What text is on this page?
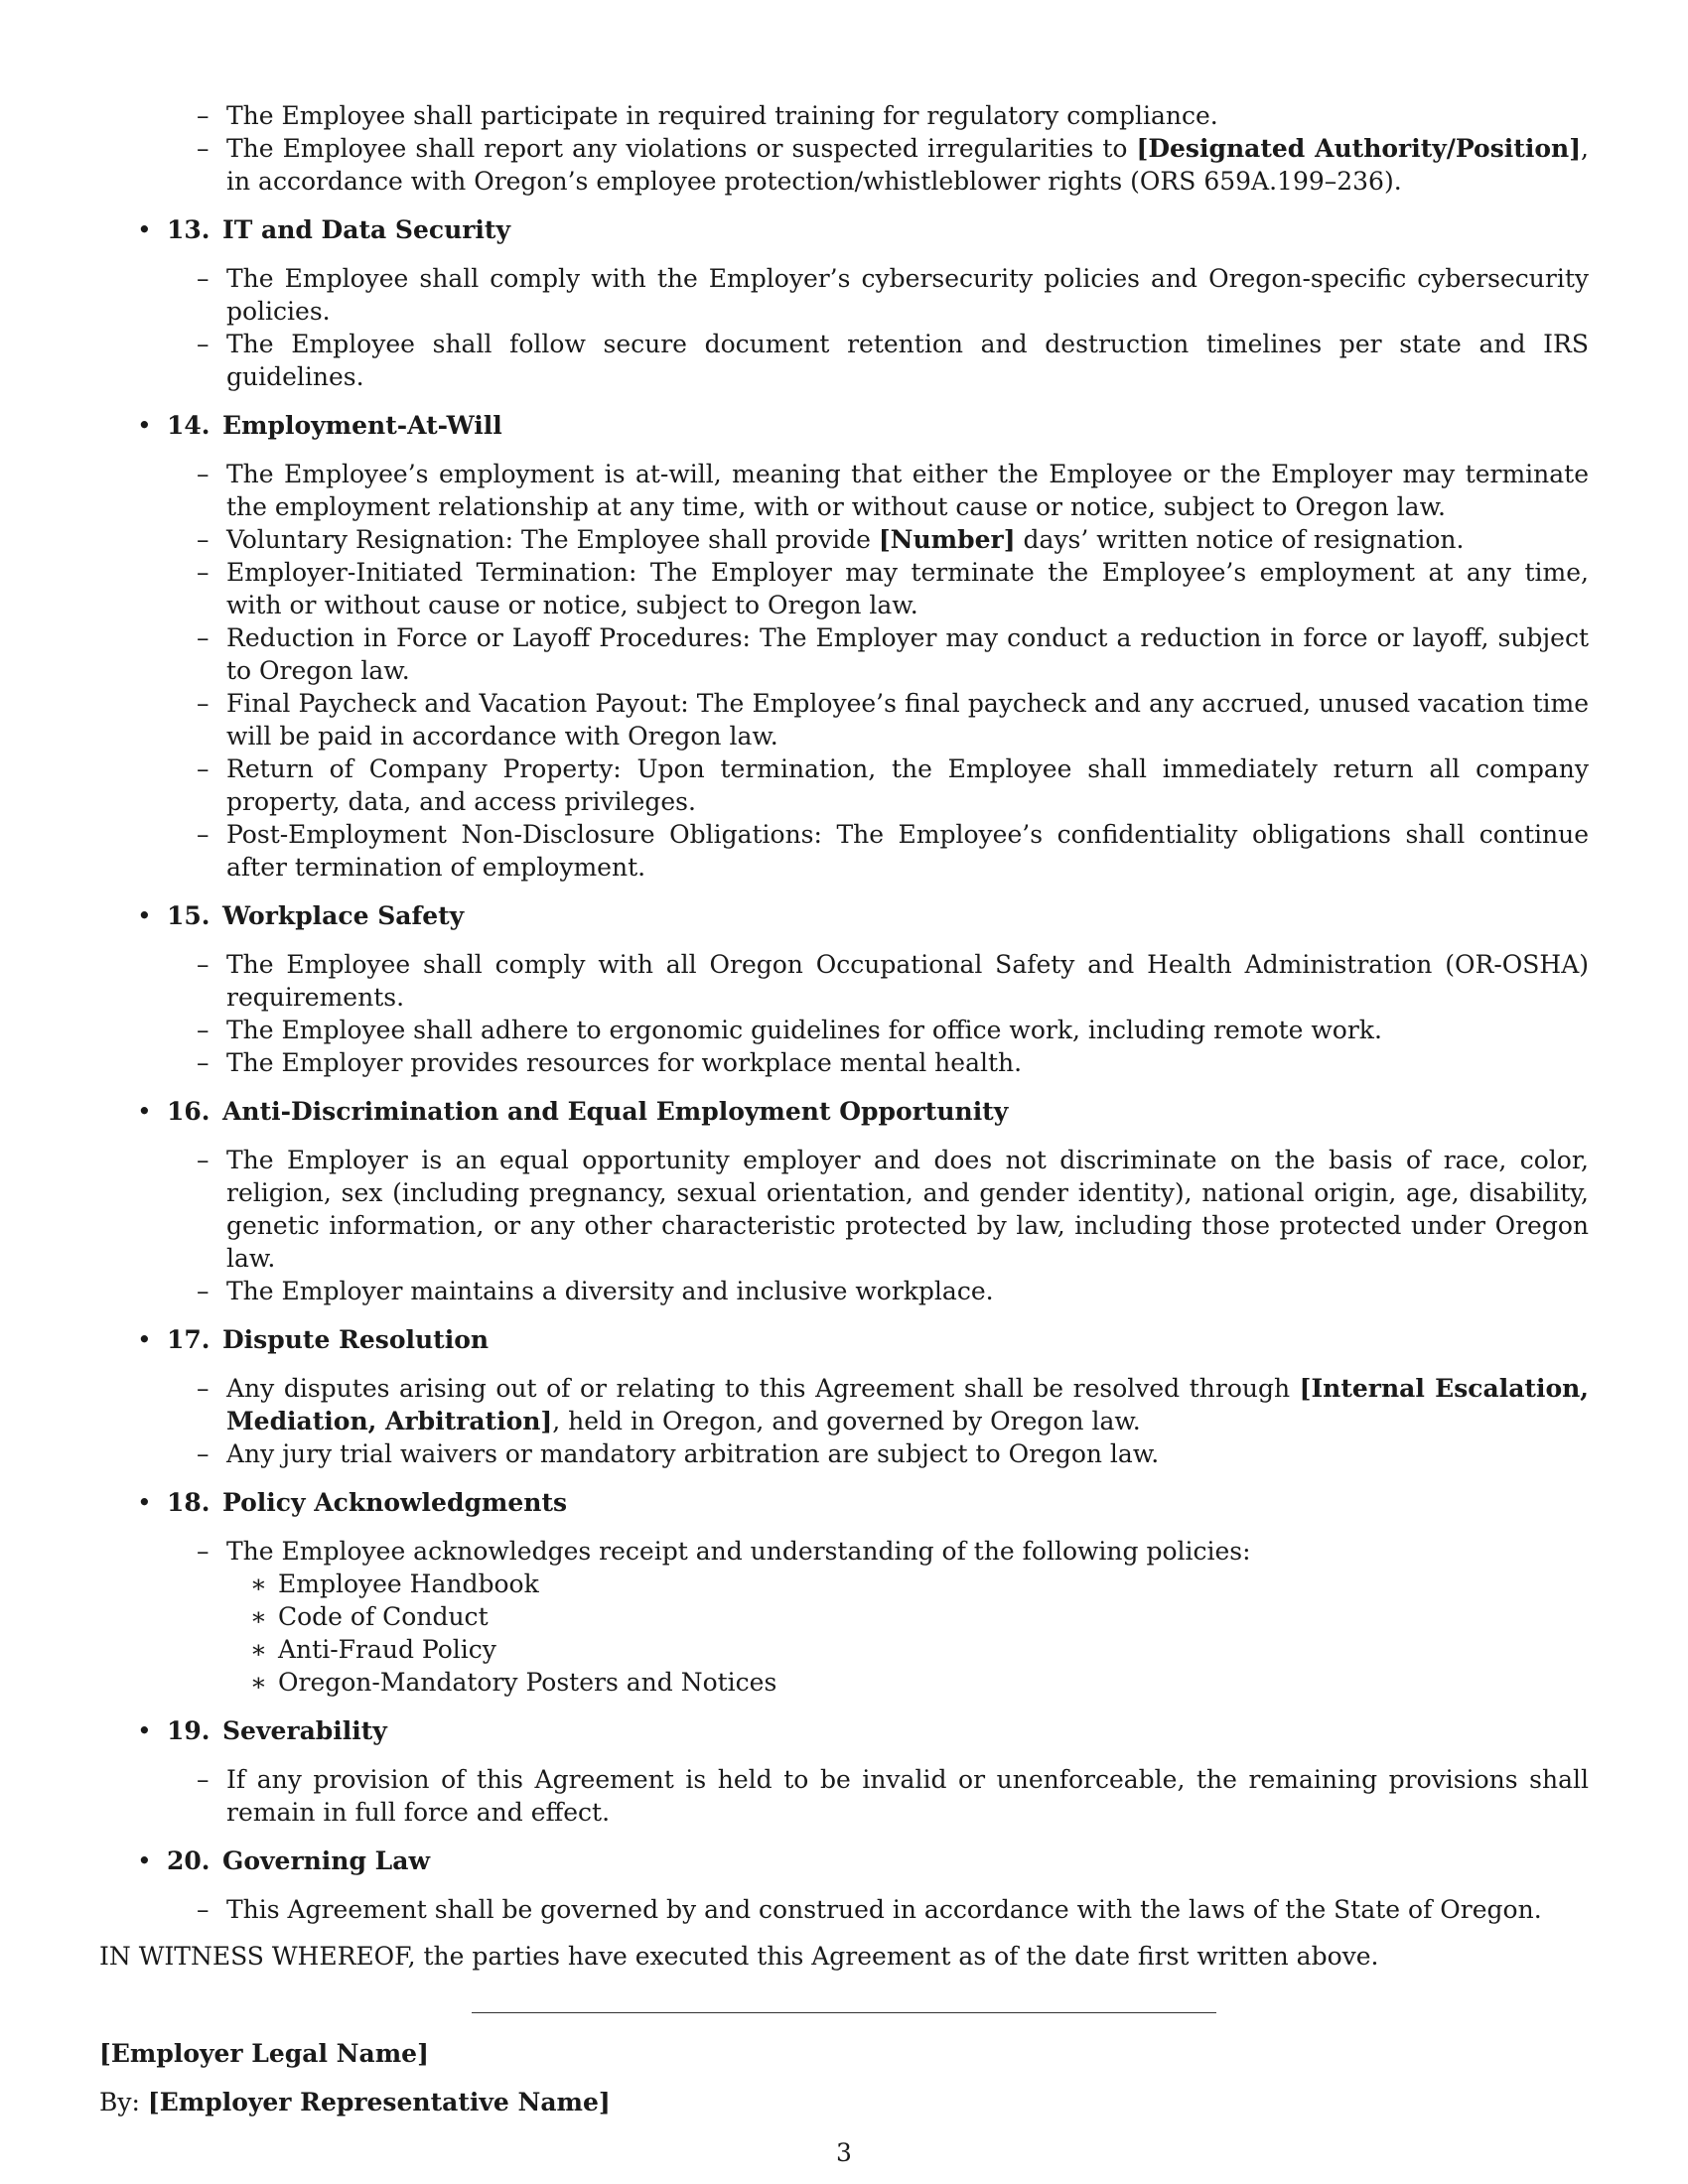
– The Employee shall participate in required training for regulatory compliance.
– The Employee shall report any violations or suspected irregularities to [Designated Authority/Position], in accordance with Oregon’s employee protection/whistleblower rights (ORS 659A.199–236).
• 13. IT and Data Security
– The Employee shall comply with the Employer’s cybersecurity policies and Oregon-specific cybersecurity policies.
– The Employee shall follow secure document retention and destruction timelines per state and IRS guidelines.
• 14. Employment-At-Will
– The Employee’s employment is at-will, meaning that either the Employee or the Employer may terminate the employment relationship at any time, with or without cause or notice, subject to Oregon law.
– Voluntary Resignation: The Employee shall provide [Number] days’ written notice of resignation.
– Employer-Initiated Termination: The Employer may terminate the Employee’s employment at any time, with or without cause or notice, subject to Oregon law.
– Reduction in Force or Layoff Procedures: The Employer may conduct a reduction in force or layoff, subject to Oregon law.
– Final Paycheck and Vacation Payout: The Employee’s final paycheck and any accrued, unused vacation time will be paid in accordance with Oregon law.
– Return of Company Property: Upon termination, the Employee shall immediately return all company property, data, and access privileges.
– Post-Employment Non-Disclosure Obligations: The Employee’s confidentiality obligations shall continue after termination of employment.
• 15. Workplace Safety
– The Employee shall comply with all Oregon Occupational Safety and Health Administration (OR-OSHA) requirements.
– The Employee shall adhere to ergonomic guidelines for office work, including remote work.
– The Employer provides resources for workplace mental health.
• 16. Anti-Discrimination and Equal Employment Opportunity
– The Employer is an equal opportunity employer and does not discriminate on the basis of race, color, religion, sex (including pregnancy, sexual orientation, and gender identity), national origin, age, disability, genetic information, or any other characteristic protected by law, including those protected under Oregon law.
– The Employer maintains a diversity and inclusive workplace.
• 17. Dispute Resolution
– Any disputes arising out of or relating to this Agreement shall be resolved through [Internal Escalation, Mediation, Arbitration], held in Oregon, and governed by Oregon law.
– Any jury trial waivers or mandatory arbitration are subject to Oregon law.
• 18. Policy Acknowledgments
– The Employee acknowledges receipt and understanding of the following policies:
∗ Employee Handbook
∗ Code of Conduct
∗ Anti-Fraud Policy
∗ Oregon-Mandatory Posters and Notices
• 19. Severability
– If any provision of this Agreement is held to be invalid or unenforceable, the remaining provisions shall remain in full force and effect.
• 20. Governing Law
– This Agreement shall be governed by and construed in accordance with the laws of the State of Oregon.
IN WITNESS WHEREOF, the parties have executed this Agreement as of the date first written above.
[Employer Legal Name]
By: [Employer Representative Name]
3
